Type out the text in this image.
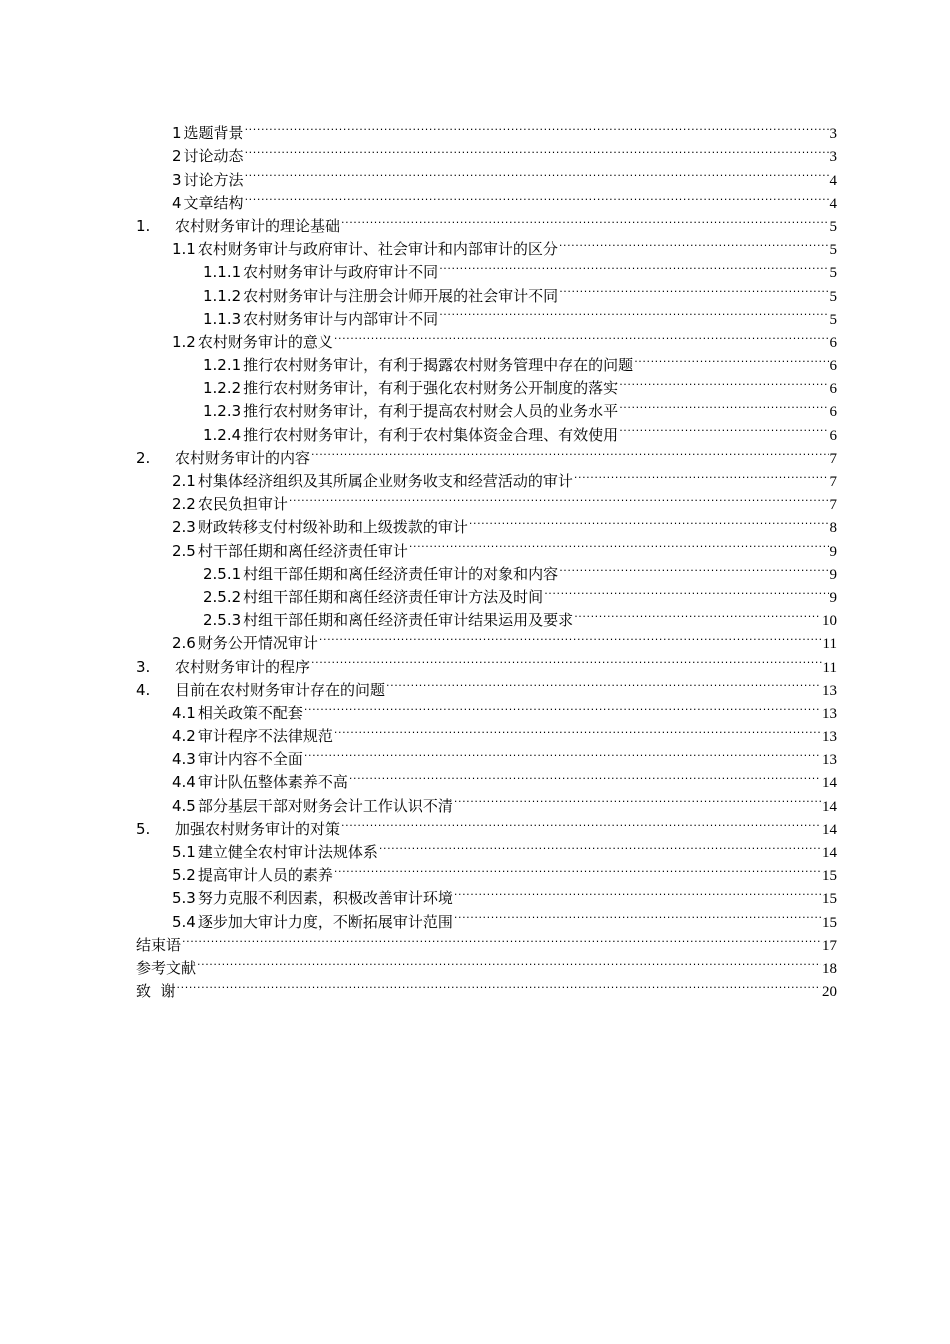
1 选题背景 .....	3
2 讨论动态 .....	3
3 讨论方法 .....	4
4 文章结构 .....	4
1.	农村财务审计的理论基础 .....	5
1.1 农村财务审计与政府审计、社会审计和内部审计的区分 .....	5
1.1.1 农村财务审计与政府审计不同 .....	5
1.1.2 农村财务审计与注册会计师开展的社会审计不同 .....	5
1.1.3 农村财务审计与内部审计不同 .....	5
1.2 农村财务审计的意义 .....	6
1.2.1 推行农村财务审计，有利于揭露农村财务管理中存在的问题 .....	6
1.2.2 推行农村财务审计，有利于强化农村财务公开制度的落实 .....	6
1.2.3 推行农村财务审计，有利于提高农村财会人员的业务水平 .....	6
1.2.4 推行农村财务审计，有利于农村集体资金合理、有效使用 .....	6
2.	农村财务审计的内容 .....	7
2.1 村集体经济组织及其所属企业财务收支和经营活动的审计 .....	7
2.2 农民负担审计 .....	7
2.3 财政转移支付村级补助和上级拨款的审计 .....	8
2.5 村干部任期和离任经济责任审计 .....	9
2.5.1 村组干部任期和离任经济责任审计的对象和内容 .....	9
2.5.2 村组干部任期和离任经济责任审计方法及时间 .....	9
2.5.3 村组干部任期和离任经济责任审计结果运用及要求 .....	10
2.6 财务公开情况审计 .....	11
3.	农村财务审计的程序 .....	11
4.	目前在农村财务审计存在的问题 .....	13
4.1 相关政策不配套 .....	13
4.2 审计程序不法律规范 .....	13
4.3 审计内容不全面 .....	13
4.4 审计队伍整体素养不高 .....	14
4.5 部分基层干部对财务会计工作认识不清 .....	14
5.	加强农村财务审计的对策 .....	14
5.1 建立健全农村审计法规体系 .....	14
5.2 提高审计人员的素养 .....	15
5.3 努力克服不利因素，积极改善审计环境 .....	15
5.4 逐步加大审计力度，不断拓展审计范围 .....	15
结束语 .....	17
参考文献 .....	18
致  谢 .....	20
